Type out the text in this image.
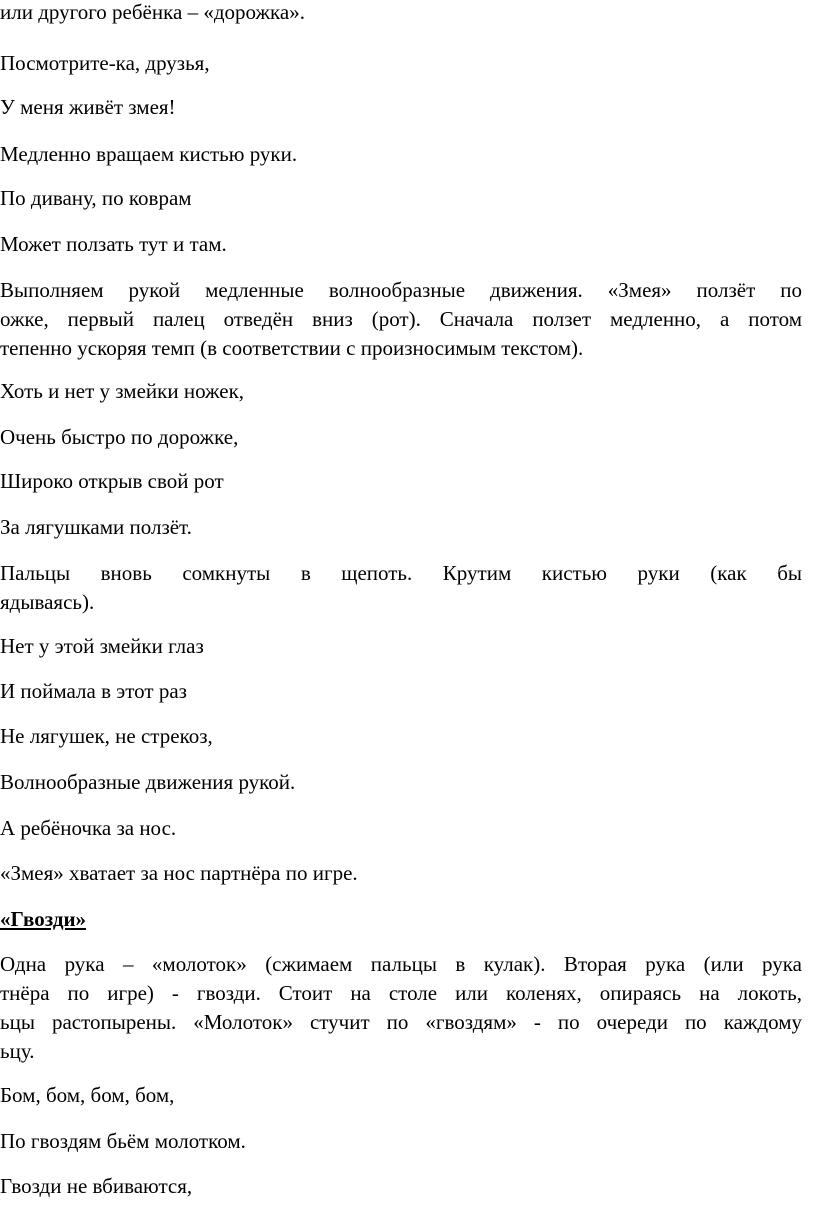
или другого ребёнка – «дорожка».
Посмотрите-ка, друзья,
У меня живёт змея!
Медленно вращаем кистью руки.
По дивану, по коврам
Может ползать тут и там.
Выполняем рукой медленные волнообразные движения. «Змея» ползёт по
ожке, первый палец отведён вниз (рот). Сначала ползет медленно, а потом
тепенно ускоряя темп (в соответствии с произносимым текстом).
Хоть и нет у змейки ножек,
Очень быстро по дорожке,
Широко открыв свой рот
За лягушками ползёт.
Пальцы вновь сомкнуты в щепоть. Крутим кистью руки (как бы
ядываясь).
Нет у этой змейки глаз
И поймала в этот раз
Не лягушек, не стрекоз,
Волнообразные движения рукой.
А ребёночка за нос.
«Змея» хватает за нос партнёра по игре.
«Гвозди»
Одна рука – «молоток» (сжимаем пальцы в кулак). Вторая рука (или рука
тнёра по игре) - гвозди. Стоит на столе или коленях, опираясь на локоть,
ьцы растопырены. «Молоток» стучит по «гвоздям» - по очереди по каждому
ьцу.
Бом, бом, бом, бом,
По гвоздям бьём молотком.
Гвозди не вбиваются,
